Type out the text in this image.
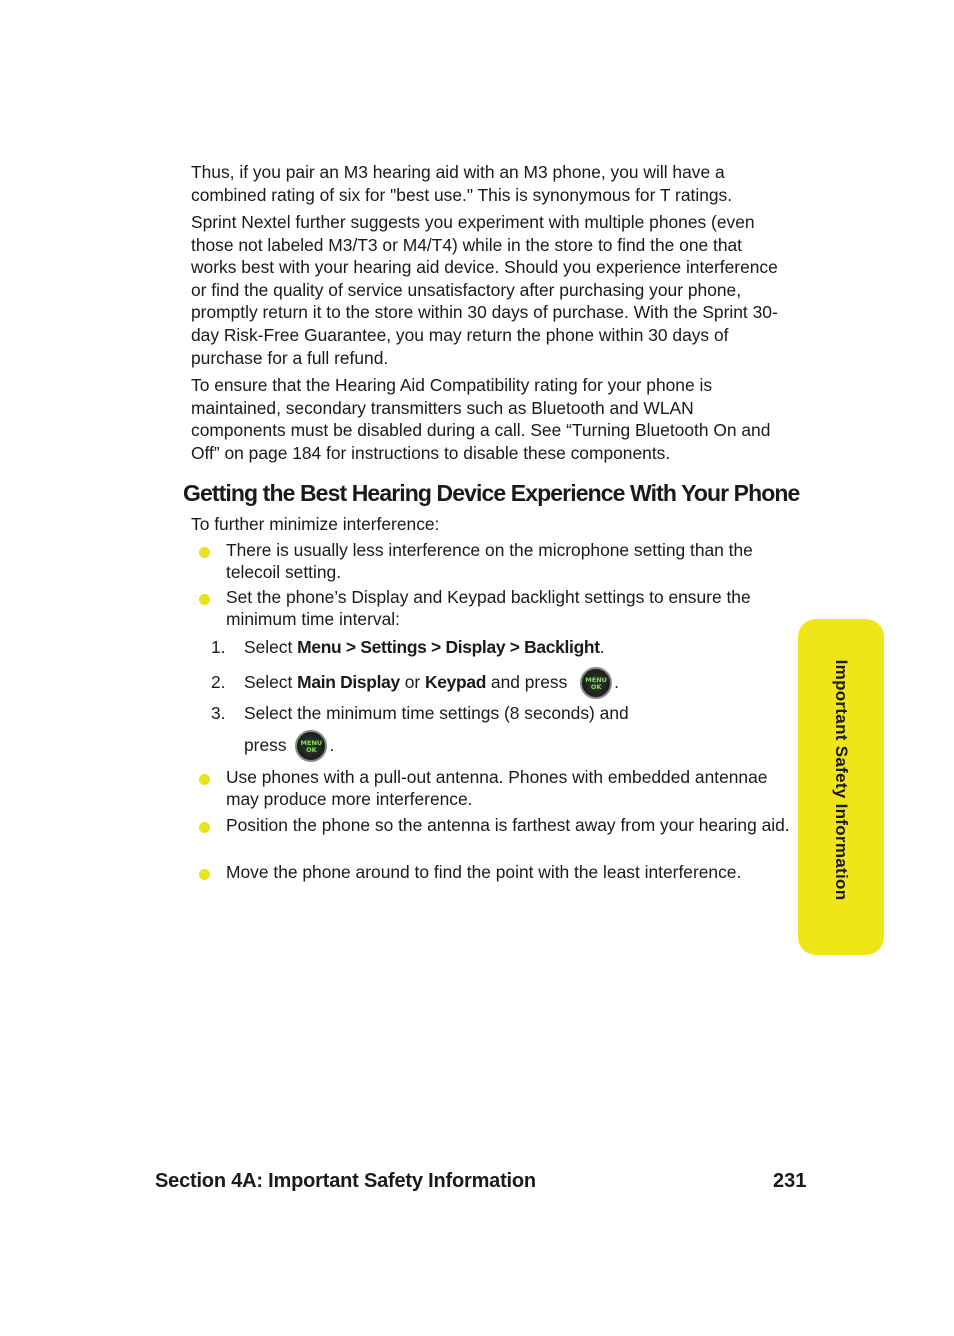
Thus, if you pair an M3 hearing aid with an M3 phone, you will have a combined rating of six for "best use." This is synonymous for T ratings.

Sprint Nextel further suggests you experiment with multiple phones (even those not labeled M3/T3 or M4/T4) while in the store to find the one that works best with your hearing aid device. Should you experience interference or find the quality of service unsatisfactory after purchasing your phone, promptly return it to the store within 30 days of purchase. With the Sprint 30-day Risk-Free Guarantee, you may return the phone within 30 days of purchase for a full refund.

To ensure that the Hearing Aid Compatibility rating for your phone is maintained, secondary transmitters such as Bluetooth and WLAN components must be disabled during a call. See “Turning Bluetooth On and Off” on page 184 for instructions to disable these components.

Getting the Best Hearing Device Experience With Your Phone
To further minimize interference:
There is usually less interference on the microphone setting than the telecoil setting.
Set the phone’s Display and Keypad backlight settings to ensure the minimum time interval:
1. Select Menu > Settings > Display > Backlight.
2. Select Main Display or Keypad and press	MENU
OK .
3. Select the minimum time settings (8 seconds) and
press	MENU
OK .
Use phones with a pull-out antenna. Phones with embedded antennae may produce more interference.
Position the phone so the antenna is farthest away from your hearing aid.
Move the phone around to find the point with the least interference.	Important Safety Information
Section 4A: Important Safety Information	231
